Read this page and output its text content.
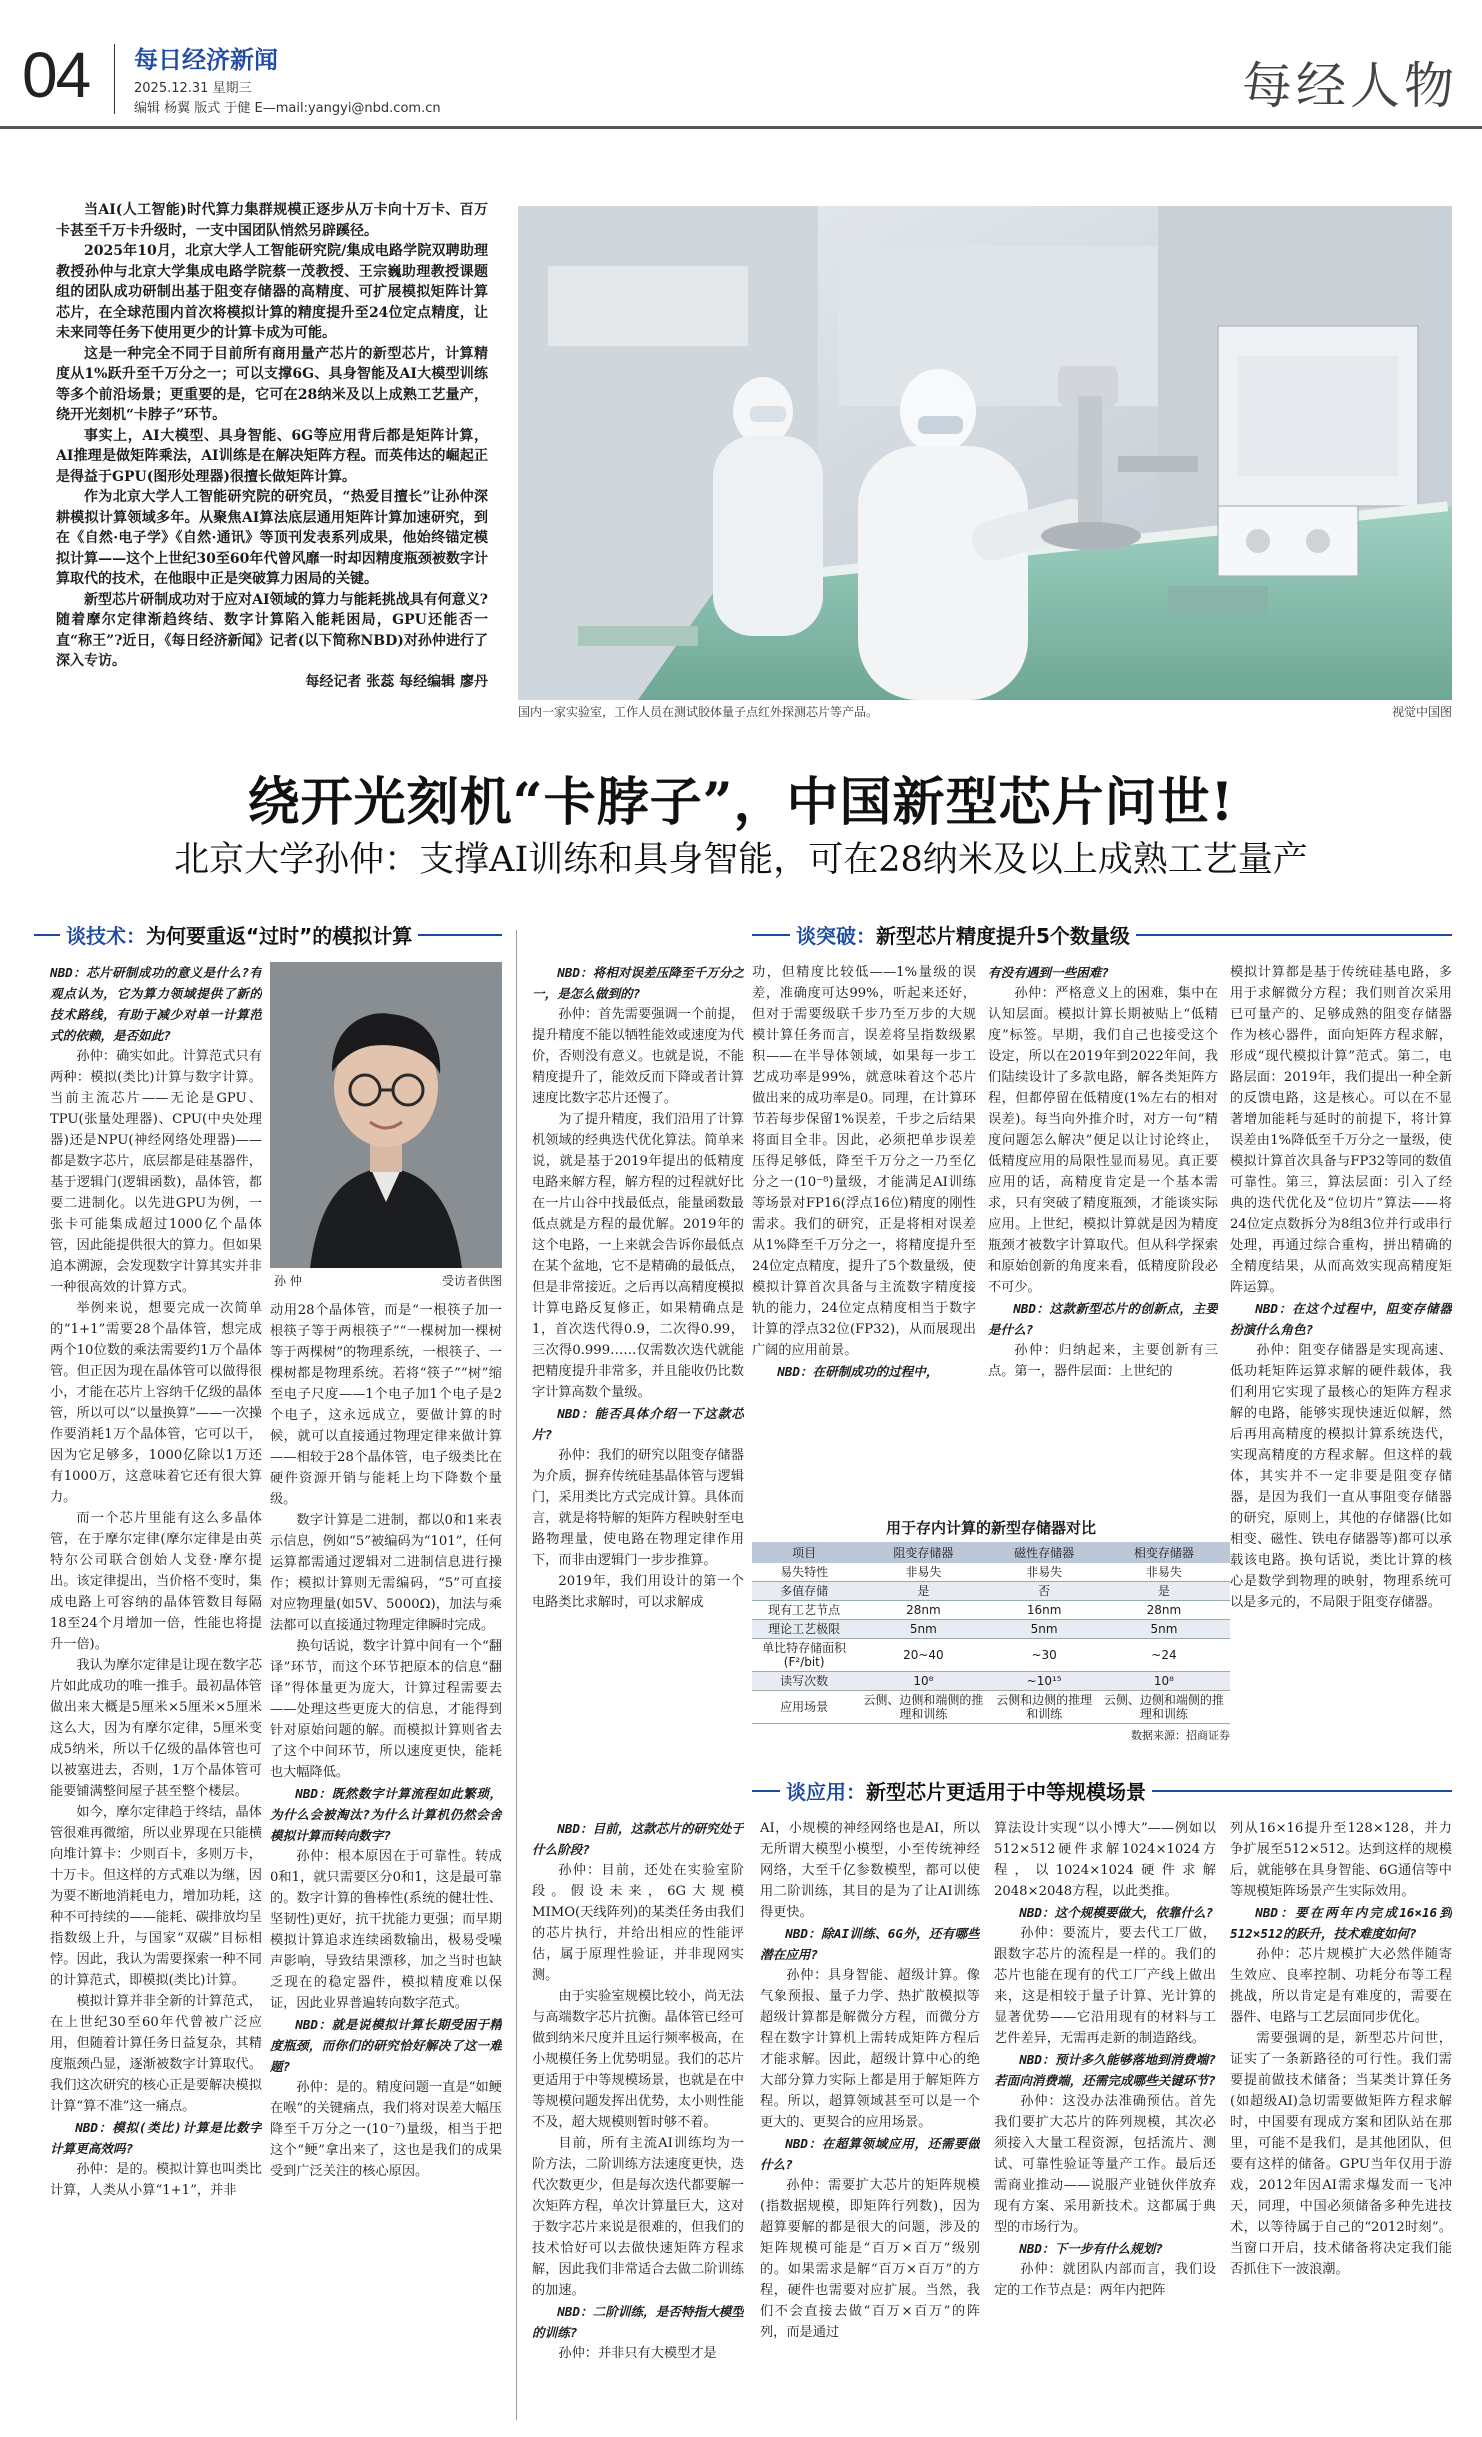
04 每日经济新闻
2025.12.31 星期三
编辑 杨翼 版式 于健 E—mail:yangyi@nbd.com.cn	每经人物

当AI(人工智能)时代算力集群规模正逐步从万卡向十万卡、百万卡甚至千万卡升级时，一支中国团队悄然另辟蹊径。

2025年10月，北京大学人工智能研究院/集成电路学院双聘助理教授孙仲与北京大学集成电路学院蔡一茂教授、王宗巍助理教授课题组的团队成功研制出基于阻变存储器的高精度、可扩展模拟矩阵计算芯片，在全球范围内首次将模拟计算的精度提升至24位定点精度，让未来同等任务下使用更少的计算卡成为可能。

这是一种完全不同于目前所有商用量产芯片的新型芯片，计算精度从1%跃升至千万分之一；可以支撑6G、具身智能及AI大模型训练等多个前沿场景；更重要的是，它可在28纳米及以上成熟工艺量产，绕开光刻机“卡脖子”环节。

事实上，AI大模型、具身智能、6G等应用背后都是矩阵计算，AI推理是做矩阵乘法，AI训练是在解决矩阵方程。而英伟达的崛起正是得益于GPU(图形处理器)很擅长做矩阵计算。

作为北京大学人工智能研究院的研究员，“热爱目擅长”让孙仲深耕模拟计算领域多年。从聚焦AI算法底层通用矩阵计算加速研究，到在《自然·电子学》《自然·通讯》等顶刊发表系列成果，他始终锚定模拟计算——这个上世纪30至60年代曾风靡一时却因精度瓶颈被数字计算取代的技术，在他眼中正是突破算力困局的关键。

新型芯片研制成功对于应对AI领域的算力与能耗挑战具有何意义?随着摩尔定律渐趋终结、数字计算陷入能耗困局，GPU还能否一直“称王”?近日，《每日经济新闻》记者(以下简称NBD)对孙仲进行了深入专访。

每经记者 张蕊 每经编辑 廖丹
国内一家实验室，工作人员在测试胶体量子点红外探测芯片等产品。	视觉中国图
绕开光刻机“卡脖子”，中国新型芯片问世!
北京大学孙仲：支撑AI训练和具身智能，可在28纳米及以上成熟工艺量产
谈技术：为何要重返“过时”的模拟计算

NBD：芯片研制成功的意义是什么?有观点认为，它为算力领域提供了新的技术路线，有助于减少对单一计算范式的依赖，是否如此?

孙仲：确实如此。计算范式只有两种：模拟(类比)计算与数字计算。当前主流芯片——无论是GPU、TPU(张量处理器)、CPU(中央处理器)还是NPU(神经网络处理器)——都是数字芯片，底层都是硅基器件，基于逻辑门(逻辑函数)，晶体管，都要二进制化。以先进GPU为例，一张卡可能集成超过1000亿个晶体管，因此能提供很大的算力。但如果追本溯源，会发现数字计算其实并非一种很高效的计算方式。

举例来说，想要完成一次简单的“1+1”需要28个晶体管，想完成两个10位数的乘法需要约1万个晶体管。但正因为现在晶体管可以做得很小，才能在芯片上容纳千亿级的晶体管，所以可以“以量换算”——一次操作要消耗1万个晶体管，它可以干，因为它足够多，1000亿除以1万还有1000万，这意味着它还有很大算力。

而一个芯片里能有这么多晶体管，在于摩尔定律(摩尔定律是由英特尔公司联合创始人戈登·摩尔提出。该定律提出，当价格不变时，集成电路上可容纳的晶体管数目每隔18至24个月增加一倍，性能也将提升一倍)。

我认为摩尔定律是让现在数字芯片如此成功的唯一推手。最初晶体管做出来大概是5厘米×5厘米×5厘米这么大，因为有摩尔定律，5厘米变成5纳米，所以千亿级的晶体管也可以被塞进去，否则，1万个晶体管可能要铺满整间屋子甚至整个楼层。

如今，摩尔定律趋于终结，晶体管很难再微缩，所以业界现在只能横向堆计算卡：少则百卡，多则万卡，十万卡。但这样的方式难以为继，因为要不断地消耗电力，增加功耗，这种不可持续的——能耗、碳排放均呈指数级上升，与国家“双碳”目标相悖。因此，我认为需要探索一种不同的计算范式，即模拟(类比)计算。

模拟计算并非全新的计算范式，在上世纪30至60年代曾被广泛应用，但随着计算任务日益复杂，其精度瓶颈凸显，逐渐被数字计算取代。我们这次研究的核心正是要解决模拟计算“算不准”这一痛点。

NBD：模拟(类比)计算是比数字计算更高效吗?

孙仲：是的。模拟计算也叫类比计算，人类从小算“1+1”，并非

孙 仲	受访者供图

动用28个晶体管，而是“一根筷子加一根筷子等于两根筷子”“一棵树加一棵树等于两棵树”的物理系统，一根筷子、一棵树都是物理系统。若将“筷子”“树”缩至电子尺度——1个电子加1个电子是2个电子，这永远成立，要做计算的时候，就可以直接通过物理定律来做计算——相较于28个晶体管，电子级类比在硬件资源开销与能耗上均下降数个量级。

数字计算是二进制，都以0和1来表示信息，例如“5”被编码为“101”，任何运算都需通过逻辑对二进制信息进行操作；模拟计算则无需编码，“5”可直接对应物理量(如5V、5000Ω)，加法与乘法都可以直接通过物理定律瞬时完成。

换句话说，数字计算中间有一个“翻译”环节，而这个环节把原本的信息“翻译”得体量更为庞大，计算过程需要去——处理这些更庞大的信息，才能得到针对原始问题的解。而模拟计算则省去了这个中间环节，所以速度更快，能耗也大幅降低。

NBD：既然数字计算流程如此繁琐，为什么会被淘汰?为什么计算机仍然会舍模拟计算而转向数字?

孙仲：根本原因在于可靠性。转成0和1，就只需要区分0和1，这是最可靠的。数字计算的鲁棒性(系统的健壮性、坚韧性)更好，抗干扰能力更强；而早期模拟计算追求连续函数输出，极易受噪声影响，导致结果漂移，加之当时也缺乏现在的稳定器件，模拟精度难以保证，因此业界普遍转向数字范式。

NBD：就是说模拟计算长期受困于精度瓶颈，而你们的研究恰好解决了这一难题?

孙仲：是的。精度问题一直是“如鲠在喉”的关键痛点，我们将对误差大幅压降至千万分之一(10⁻⁷)量级，相当于把这个“鲠”拿出来了，这也是我们的成果受到广泛关注的核心原因。

NBD：将相对误差压降至千万分之一，是怎么做到的?

孙仲：首先需要强调一个前提，提升精度不能以牺牲能效或速度为代价，否则没有意义。也就是说，不能精度提升了，能效反而下降或者计算速度比数字芯片还慢了。

为了提升精度，我们沿用了计算机领域的经典迭代优化算法。简单来说，就是基于2019年提出的低精度电路来解方程，解方程的过程就好比在一片山谷中找最低点，能量函数最低点就是方程的最优解。2019年的这个电路，一上来就会告诉你最低点在某个盆地，它不是精确的最低点，但是非常接近。之后再以高精度模拟计算电路反复修正，如果精确点是1，首次迭代得0.9，二次得0.99，三次得0.999……仅需数次迭代就能把精度提升非常多，并且能收仍比数字计算高数个量级。

NBD：能否具体介绍一下这款芯片?

孙仲：我们的研究以阻变存储器为介质，摒弃传统硅基晶体管与逻辑门，采用类比方式完成计算。具体而言，就是将特解的矩阵方程映射至电路物理量，使电路在物理定律作用下，而非由逻辑门一步步推算。

2019年，我们用设计的第一个电路类比求解时，可以求解成

谈突破：新型芯片精度提升5个数量级

功，但精度比较低——1%量级的误差，准确度可达99%，听起来还好，但对于需要级联千步乃至万步的大规模计算任务而言，误差将呈指数级累积——在半导体领域，如果每一步工艺成功率是99%，就意味着这个芯片做出来的成功率是0。同理，在计算环节若每步保留1%误差，千步之后结果将面目全非。因此，必须把单步误差压得足够低，降至千万分之一乃至亿分之一(10⁻⁸)量级，才能满足AI训练等场景对FP16(浮点16位)精度的刚性需求。我们的研究，正是将相对误差从1%降至千万分之一，将精度提升至24位定点精度，提升了5个数量级，使模拟计算首次具备与主流数字精度接轨的能力，24位定点精度相当于数字计算的浮点32位(FP32)，从而展现出广阔的应用前景。

NBD：在研制成功的过程中，

有没有遇到一些困难?

孙仲：严格意义上的困难，集中在认知层面。模拟计算长期被贴上“低精度”标签。早期，我们自己也接受这个设定，所以在2019年到2022年间，我们陆续设计了多款电路，解各类矩阵方程，但都停留在低精度(1%左右的相对误差)。每当向外推介时，对方一句“精度问题怎么解决”便足以让讨论终止，低精度应用的局限性显而易见。真正要应用的话，高精度肯定是一个基本需求，只有突破了精度瓶颈，才能谈实际应用。上世纪，模拟计算就是因为精度瓶颈才被数字计算取代。但从科学探索和原始创新的角度来看，低精度阶段必不可少。

NBD：这款新型芯片的创新点，主要是什么?

孙仲：归纳起来，主要创新有三点。第一，器件层面：上世纪的

模拟计算都是基于传统硅基电路，多用于求解微分方程；我们则首次采用已可量产的、足够成熟的阻变存储器作为核心器件，面向矩阵方程求解，形成“现代模拟计算”范式。第二，电路层面：2019年，我们提出一种全新的反馈电路，这是核心。可以在不显著增加能耗与延时的前提下，将计算误差由1%降低至千万分之一量级，使模拟计算首次具备与FP32等同的数值可靠性。第三，算法层面：引入了经典的迭代优化及“位切片”算法——将24位定点数拆分为8组3位并行或串行处理，再通过综合重构，拼出精确的全精度结果，从而高效实现高精度矩阵运算。

NBD：在这个过程中，阻变存储器扮演什么角色?

孙仲：阻变存储器是实现高速、低功耗矩阵运算求解的硬件载体，我们利用它实现了最核心的矩阵方程求解的电路，能够实现快速近似解，然后再用高精度的模拟计算系统迭代，实现高精度的方程求解。但这样的载体，其实并不一定非要是阻变存储器，是因为我们一直从事阻变存储器的研究，原则上，其他的存储器(比如相变、磁性、铁电存储器等)都可以承载该电路。换句话说，类比计算的核心是数学到物理的映射，物理系统可以是多元的，不局限于阻变存储器。

用于存内计算的新型存储器对比
项目	阻变存储器	磁性存储器	相变存储器
易失特性	非易失	非易失	非易失
多值存储	是	否	是
现有工艺节点	28nm	16nm	28nm
理论工艺极限	5nm	5nm	5nm
单比特存储面积(F²/bit)	20~40	~30	~24
读写次数	10⁸	~10¹⁵	10⁸
应用场景	云侧、边侧和端侧的推理和训练	云侧和边侧的推理和训练	云侧、边侧和端侧的推理和训练
数据来源：招商证券
谈应用：新型芯片更适用于中等规模场景

NBD：目前，这款芯片的研究处于什么阶段?

孙仲：目前，还处在实验室阶段。假设未来，6G大规模MIMO(天线阵列)的某类任务由我们的芯片执行，并给出相应的性能评估，属于原理性验证，并非现网实测。

由于实验室规模比较小，尚无法与高端数字芯片抗衡。晶体管已经可做到纳米尺度并且运行频率极高，在小规模任务上优势明显。我们的芯片更适用于中等规模场景，也就是在中等规模问题发挥出优势，太小则性能不及，超大规模则暂时够不着。

目前，所有主流AI训练均为一阶方法，二阶训练方法速度更快，迭代次数更少，但是每次迭代都要解一次矩阵方程，单次计算量巨大，这对于数字芯片来说是很难的，但我们的技术恰好可以去做快速矩阵方程求解，因此我们非常适合去做二阶训练的加速。

NBD：二阶训练，是否特指大模型的训练?

孙仲：并非只有大模型才是

AI，小规模的神经网络也是AI，所以无所谓大模型小模型，小至传统神经网络，大至千亿参数模型，都可以使用二阶训练，其目的是为了让AI训练得更快。

NBD：除AI训练、6G外，还有哪些潜在应用?

孙仲：具身智能、超级计算。像气象预报、量子力学、热扩散模拟等超级计算都是解微分方程，而微分方程在数字计算机上需转成矩阵方程后才能求解。因此，超级计算中心的绝大部分算力实际上都是用于解矩阵方程。所以，超算领域甚至可以是一个更大的、更契合的应用场景。

NBD：在超算领域应用，还需要做什么?

孙仲：需要扩大芯片的矩阵规模(指数据规模，即矩阵行列数)，因为超算要解的都是很大的问题，涉及的矩阵规模可能是“百万×百万”级别的。如果需求是解“百万×百万”的方程，硬件也需要对应扩展。当然，我们不会直接去做“百万×百万”的阵列，而是通过

算法设计实现“以小博大”——例如以512×512硬件求解1024×1024方程，以1024×1024硬件求解2048×2048方程，以此类推。

NBD：这个规模要做大，依靠什么?

孙仲：要流片，要去代工厂做，跟数字芯片的流程是一样的。我们的芯片也能在现有的代工厂产线上做出来，这是相较于量子计算、光计算的显著优势——它沿用现有的材料与工艺件差异，无需再走新的制造路线。

NBD：预计多久能够落地到消费端?若面向消费端，还需完成哪些关键环节?

孙仲：这没办法准确预估。首先我们要扩大芯片的阵列规模，其次必须接入大量工程资源，包括流片、测试、可靠性验证等量产工作。最后还需商业推动——说服产业链伙伴放弃现有方案、采用新技术。这都属于典型的市场行为。

NBD：下一步有什么规划?

孙仲：就团队内部而言，我们设定的工作节点是：两年内把阵

列从16×16提升至128×128，并力争扩展至512×512。达到这样的规模后，就能够在具身智能、6G通信等中等规模矩阵场景产生实际效用。

NBD：要在两年内完成16×16到512×512的跃升，技术难度如何?

孙仲：芯片规模扩大必然伴随寄生效应、良率控制、功耗分布等工程挑战，所以肯定是有难度的，需要在器件、电路与工艺层面同步优化。

需要强调的是，新型芯片问世，证实了一条新路径的可行性。我们需要提前做技术储备；当某类计算任务(如超级AI)急切需要做矩阵方程求解时，中国要有现成方案和团队站在那里，可能不是我们，是其他团队，但要有这样的储备。GPU当年仅用于游戏，2012年因AI需求爆发而一飞冲天，同理，中国必须储备多种先进技术，以等待属于自己的“2012时刻”。当窗口开启，技术储备将决定我们能否抓住下一波浪潮。
